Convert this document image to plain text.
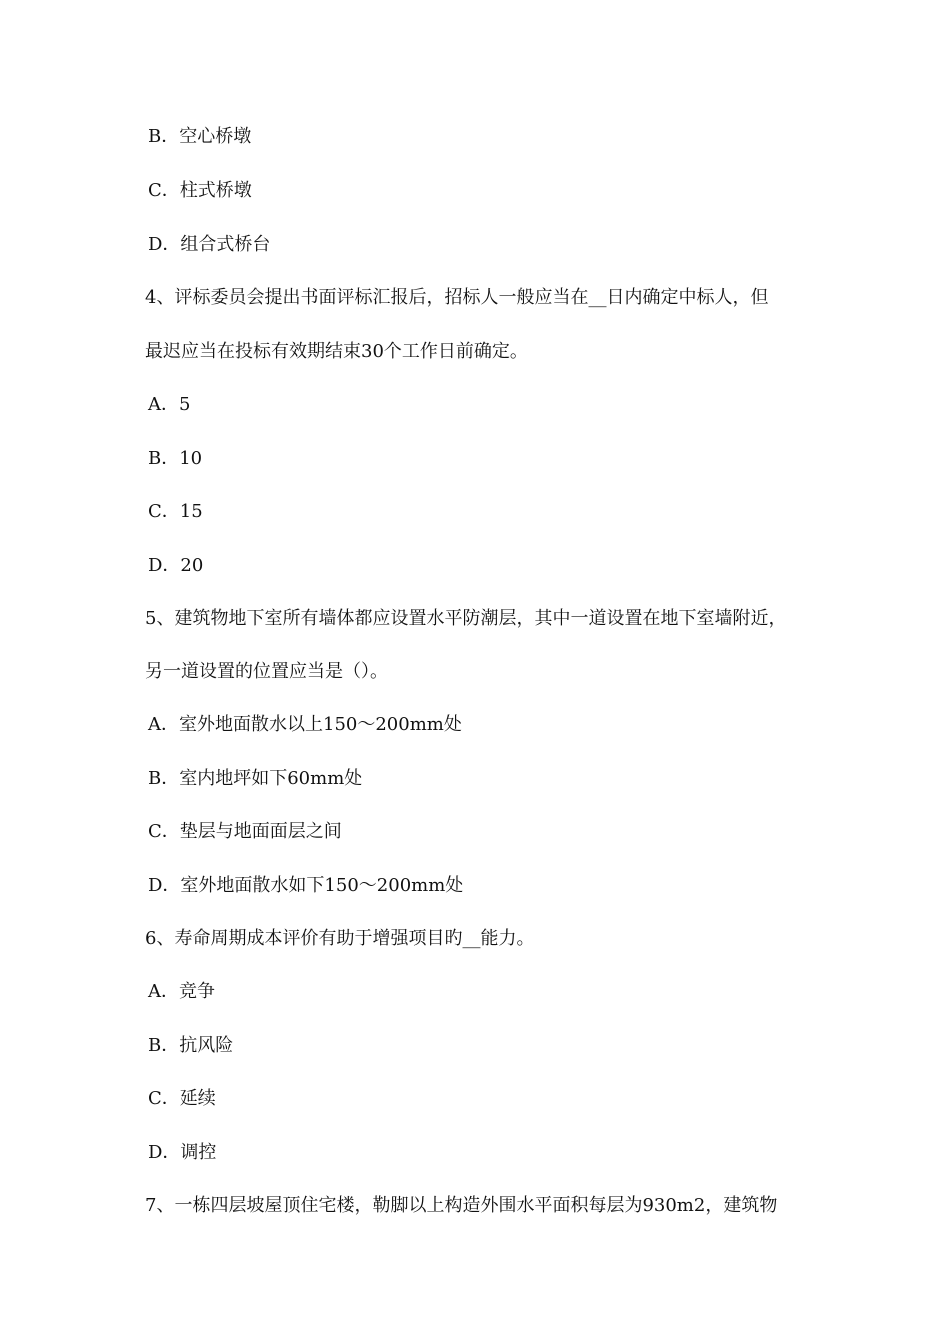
B．空心桥墩
C．柱式桥墩
D．组合式桥台
4、评标委员会提出书面评标汇报后，招标人一般应当在__日内确定中标人，但
最迟应当在投标有效期结束30个工作日前确定。
A．5
B．10
C．15
D．20
5、建筑物地下室所有墙体都应设置水平防潮层，其中一道设置在地下室墙附近，
另一道设置的位置应当是（）。
A．室外地面散水以上150～200mm处
B．室内地坪如下60mm处
C．垫层与地面面层之间
D．室外地面散水如下150～200mm处
6、寿命周期成本评价有助于增强项目旳__能力。
A．竞争
B．抗风险
C．延续
D．调控
7、一栋四层坡屋顶住宅楼，勒脚以上构造外围水平面积每层为930m2，建筑物
